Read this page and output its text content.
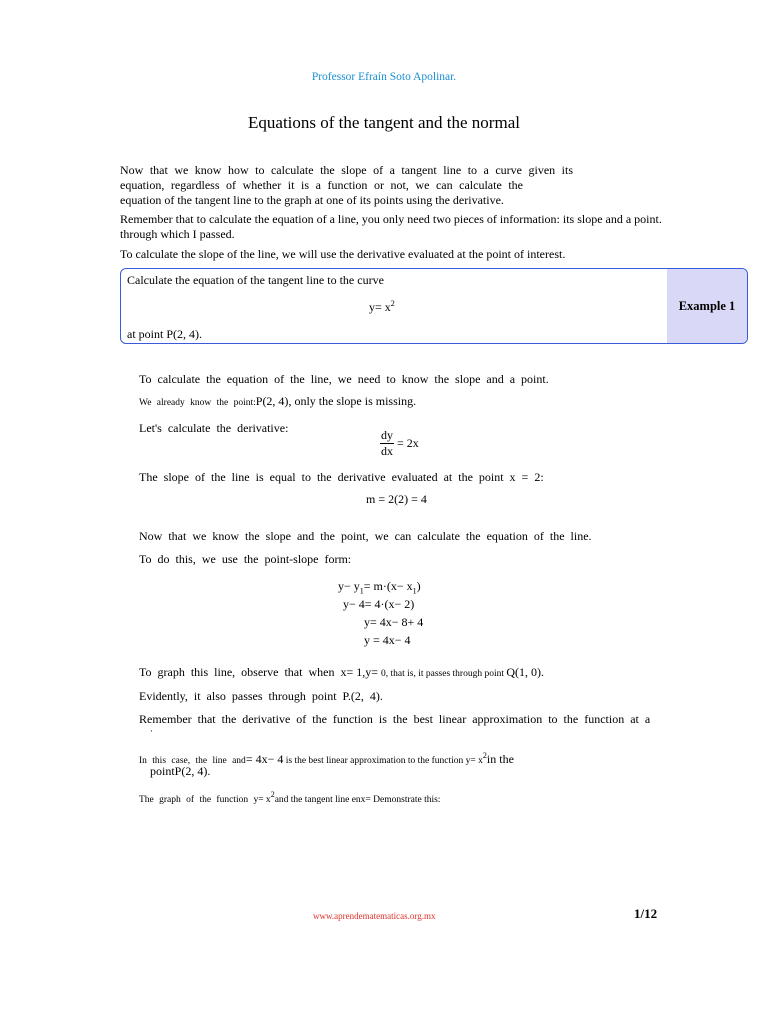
Professor Efraín Soto Apolinar.
Equations of the tangent and the normal
Now that we know how to calculate the slope of a tangent line to a curve given its
equation, regardless of whether it is a function or not, we can calculate the
equation of the tangent line to the graph at one of its points using the derivative.
Remember that to calculate the equation of a line, you only need two pieces of information: its slope and a point.
through which I passed.
To calculate the slope of the line, we will use the derivative evaluated at the point of interest.
Calculate the equation of the tangent line to the curve
$y= x^2$
at point P(2, 4).
Example 1
To calculate the equation of the line, we need to know the slope and a point.
We already know the point:P(2, 4), only the slope is missing.
Let's calculate the derivative:	$\frac{dy}{dx} = 2x$
The slope of the line is equal to the derivative evaluated at the point x = 2:
m = 2(2) = 4
Now that we know the slope and the point, we can calculate the equation of the line.
To do this, we use the point-slope form:
$y- y_1= m\cdot(x- x_1)$
y− 4= 4·(x− 2)
y= 4x− 8+ 4
y = 4x− 4
To graph this line, observe that when x= 1,y= 0, that is, it passes through point Q(1, 0).
Evidently, it also passes through point P.(2, 4).
Remember that the derivative of the function is the best linear approximation to the function at a
·
In this case, the line and= 4x− 4 is the best linear approximation to the function $y= x^2in$ the
pointP(2, 4).
The graph of the function $y= x^2and$ the tangent line enx= Demonstrate this:
www.aprendematematicas.org.mx	1/12
